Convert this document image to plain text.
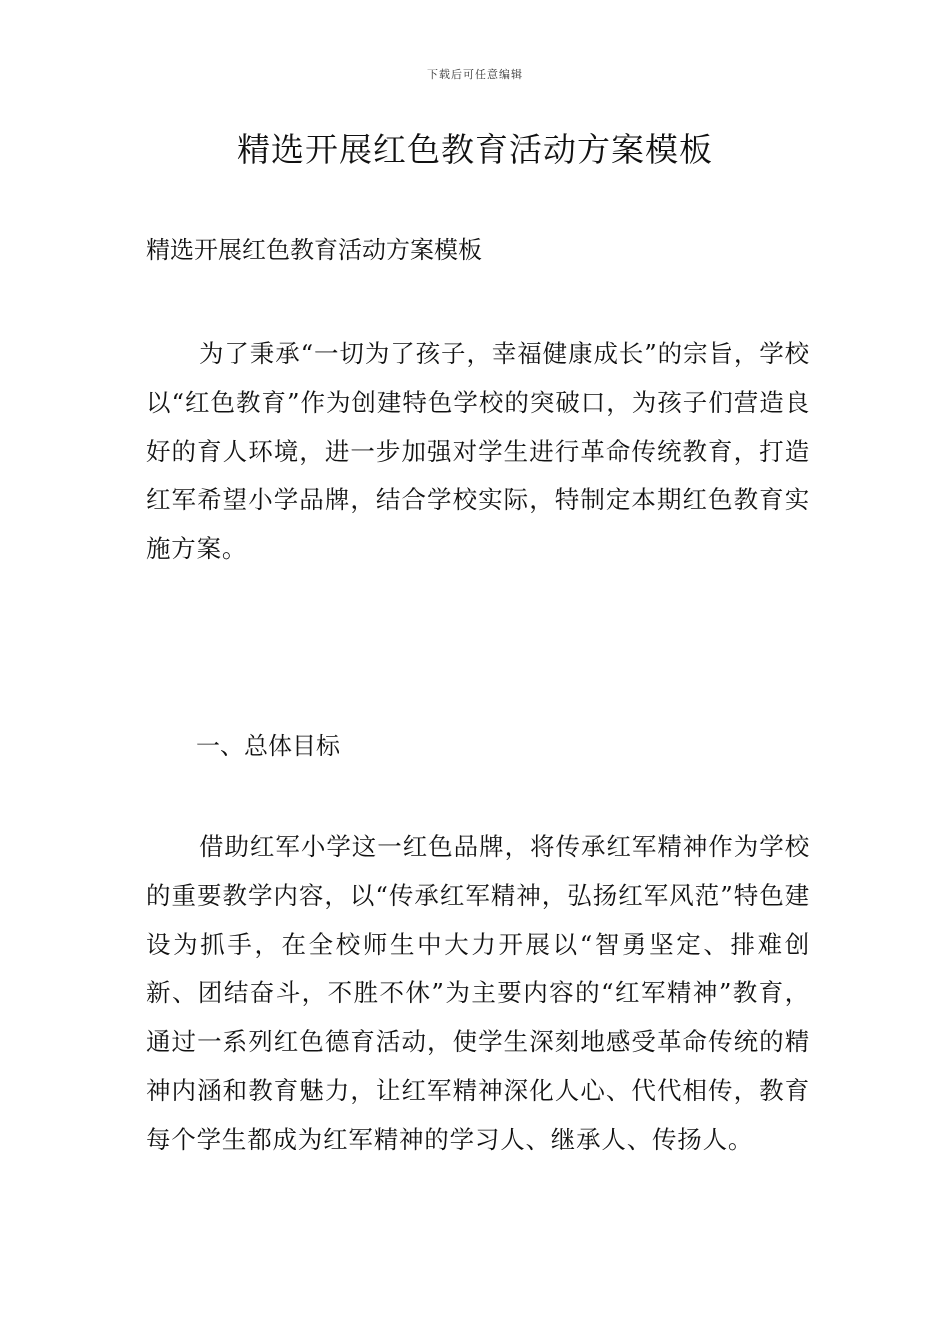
下载后可任意编辑
精选开展红色教育活动方案模板

精选开展红色教育活动方案模板

为了秉承“一切为了孩子，幸福健康成长”的宗旨，学校以“红色教育”作为创建特色学校的突破口，为孩子们营造良好的育人环境，进一步加强对学生进行革命传统教育，打造红军希望小学品牌，结合学校实际，特制定本期红色教育实施方案。

一、总体目标

借助红军小学这一红色品牌，将传承红军精神作为学校的重要教学内容，以“传承红军精神，弘扬红军风范”特色建设为抓手，在全校师生中大力开展以“智勇坚定、排难创新、团结奋斗，不胜不休”为主要内容的“红军精神”教育，通过一系列红色德育活动，使学生深刻地感受革命传统的精神内涵和教育魅力，让红军精神深化人心、代代相传，教育每个学生都成为红军精神的学习人、继承人、传扬人。
